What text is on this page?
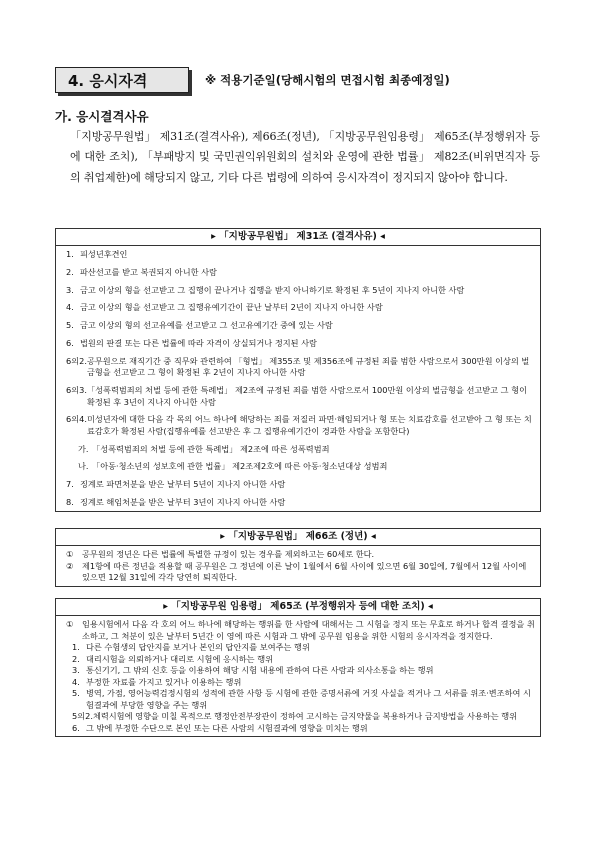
4. 응시자격	※ 적용기준일(당해시험의 면접시험 최종예정일)
가. 응시결격사유
「지방공무원법」 제31조(결격사유), 제66조(정년), 「지방공무원임용령」 제65조(부정행위자 등에 대한 조치), 「부패방지 및 국민권익위원회의 설치와 운영에 관한 법률」 제82조(비위면직자 등의 취업제한)에 해당되지 않고, 기타 다른 법령에 의하여 응시자격이 정지되지 않아야 합니다.
▸ 「지방공무원법」 제31조 (결격사유) ◂
1. 피성년후견인
2. 파산선고를 받고 복권되지 아니한 사람
3. 금고 이상의 형을 선고받고 그 집행이 끝나거나 집행을 받지 아니하기로 확정된 후 5년이 지나지 아니한 사람
4. 금고 이상의 형을 선고받고 그 집행유예기간이 끝난 날부터 2년이 지나지 아니한 사람
5. 금고 이상의 형의 선고유예를 선고받고 그 선고유예기간 중에 있는 사람
6. 법원의 판결 또는 다른 법률에 따라 자격이 상실되거나 정지된 사람
6의2. 공무원으로 재직기간 중 직무와 관련하여 「형법」 제355조 및 제356조에 규정된 죄를 범한 사람으로서 300만원 이상의 벌금형을 선고받고 그 형이 확정된 후 2년이 지나지 아니한 사람
6의3. 「성폭력범죄의 처벌 등에 관한 특례법」 제2조에 규정된 죄를 범한 사람으로서 100만원 이상의 벌금형을 선고받고 그 형이 확정된 후 3년이 지나지 아니한 사람
6의4. 미성년자에 대한 다음 각 목의 어느 하나에 해당하는 죄를 저질러 파면·해임되거나 형 또는 치료감호를 선고받아 그 형 또는 치료감호가 확정된 사람(집행유예를 선고받은 후 그 집행유예기간이 경과한 사람을 포함한다)
가. 「성폭력범죄의 처벌 등에 관한 특례법」 제2조에 따른 성폭력범죄
나. 「아동·청소년의 성보호에 관한 법률」 제2조제2호에 따른 아동·청소년대상 성범죄
7. 징계로 파면처분을 받은 날부터 5년이 지나지 아니한 사람
8. 징계로 해임처분을 받은 날부터 3년이 지나지 아니한 사람
▸ 「지방공무원법」 제66조 (정년) ◂
①	공무원의 정년은 다른 법률에 특별한 규정이 있는 경우를 제외하고는 60세로 한다.
②	제1항에 따른 정년을 적용할 때 공무원은 그 정년에 이른 날이 1월에서 6월 사이에 있으면 6월 30일에, 7월에서 12월 사이에 있으면 12월 31일에 각각 당연히 퇴직한다.
▸ 「지방공무원 임용령」 제65조 (부정행위자 등에 대한 조치) ◂
①	임용시험에서 다음 각 호의 어느 하나에 해당하는 행위를 한 사람에 대해서는 그 시험을 정지 또는 무효로 하거나 합격 결정을 취소하고, 그 처분이 있은 날부터 5년간 이 영에 따른 시험과 그 밖에 공무원 임용을 위한 시험의 응시자격을 정지한다.
1. 다른 수험생의 답안지를 보거나 본인의 답안지를 보여주는 행위
2. 대리시험을 의뢰하거나 대리로 시험에 응시하는 행위
3. 통신기기, 그 밖의 신호 등을 이용하여 해당 시험 내용에 관하여 다른 사람과 의사소통을 하는 행위
4. 부정한 자료를 가지고 있거나 이용하는 행위
5. 병역, 가점, 영어능력검정시험의 성적에 관한 사항 등 시험에 관한 증명서류에 거짓 사실을 적거나 그 서류를 위조·변조하여 시험결과에 부당한 영향을 주는 행위
5의2. 체력시험에 영향을 미칠 목적으로 행정안전부장관이 정하여 고시하는 금지약물을 복용하거나 금지방법을 사용하는 행위
6. 그 밖에 부정한 수단으로 본인 또는 다른 사람의 시험결과에 영향을 미치는 행위
